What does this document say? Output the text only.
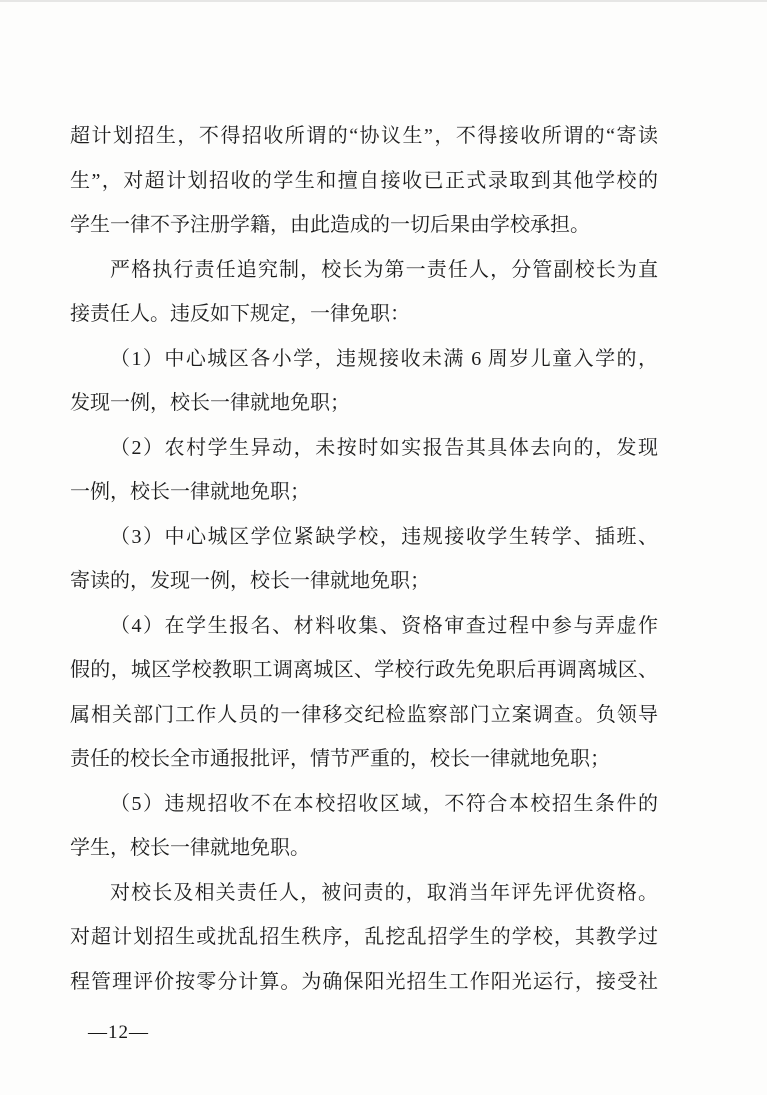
超计划招生，不得招收所谓的“协议生”，不得接收所谓的“寄读
生”，对超计划招收的学生和擅自接收已正式录取到其他学校的
学生一律不予注册学籍，由此造成的一切后果由学校承担。
严格执行责任追究制，校长为第一责任人，分管副校长为直
接责任人。违反如下规定，一律免职：
（1）中心城区各小学，违规接收未满 6 周岁儿童入学的，
发现一例，校长一律就地免职；
（2）农村学生异动，未按时如实报告其具体去向的，发现
一例，校长一律就地免职；
（3）中心城区学位紧缺学校，违规接收学生转学、插班、
寄读的，发现一例，校长一律就地免职；
（4）在学生报名、材料收集、资格审查过程中参与弄虚作
假的，城区学校教职工调离城区、学校行政先免职后再调离城区、
属相关部门工作人员的一律移交纪检监察部门立案调查。负领导
责任的校长全市通报批评，情节严重的，校长一律就地免职；
（5）违规招收不在本校招收区域，不符合本校招生条件的
学生，校长一律就地免职。
对校长及相关责任人，被问责的，取消当年评先评优资格。
对超计划招生或扰乱招生秩序，乱挖乱招学生的学校，其教学过
程管理评价按零分计算。为确保阳光招生工作阳光运行，接受社
—12—
